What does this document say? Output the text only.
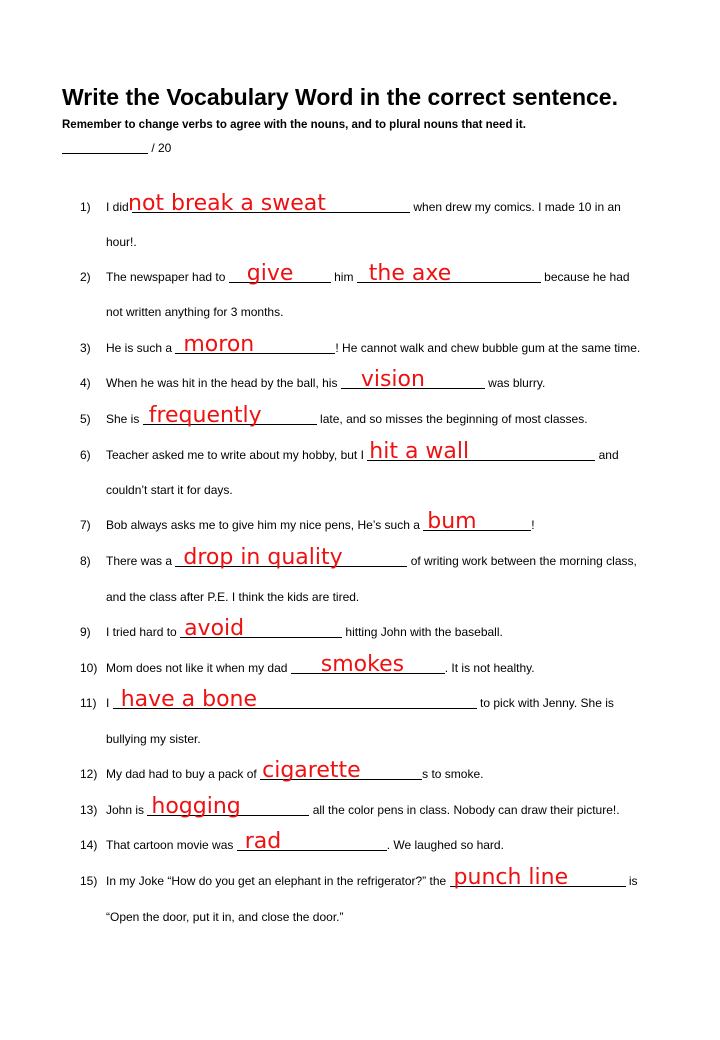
Write the Vocabulary Word in the correct sentence.
Remember to change verbs to agree with the nouns, and to plural nouns that need it.
/ 20
1)	I did not break a sweat	when drew my comics. I made 10 in an
hour!.
2)	The newspaper had to give	him the axe	because he had
not written anything for 3 months.
3)	He is such a moron	! He cannot walk and chew bubble gum at the same time.
4)	When he was hit in the head by the ball, his vision	was blurry.
5)	She is frequently	late, and so misses the beginning of most classes.
6)	Teacher asked me to write about my hobby, but I hit a wall	and
couldn’t start it for days.
7)	Bob always asks me to give him my nice pens, He’s such a bum	!
8)	There was a drop in quality	of writing work between the morning class,
and the class after P.E. I think the kids are tired.
9)	I tried hard to avoid	hitting John with the baseball.
10) Mom does not like it when my dad smokes	. It is not healthy.
11) I have a bone	to pick with Jenny. She is
bullying my sister.
12) My dad had to buy a pack of cigarette	s to smoke.
13) John is hogging	all the color pens in class. Nobody can draw their picture!.
14) That cartoon movie was rad	. We laughed so hard.
15) In my Joke “How do you get an elephant in the refrigerator?” the punch line	is
“Open the door, put it in, and close the door.”
